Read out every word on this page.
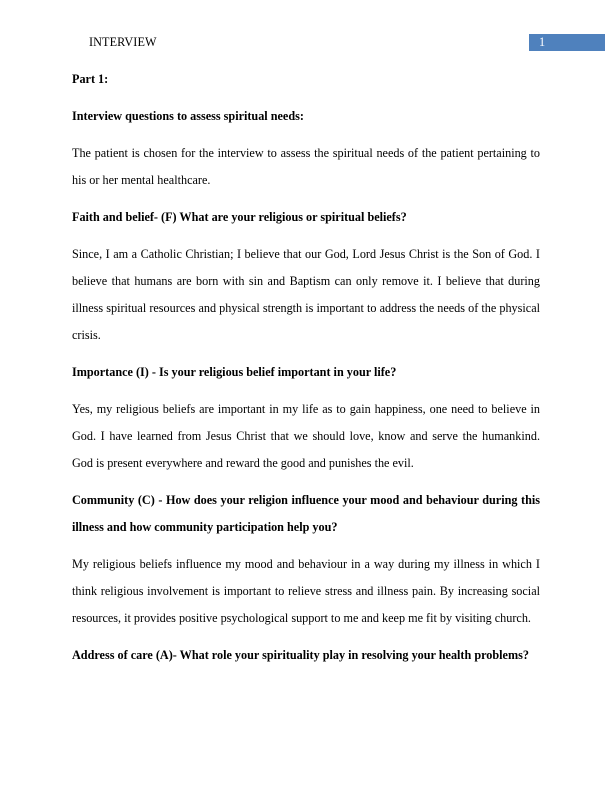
INTERVIEW	1

Part 1:

Interview questions to assess spiritual needs:

The patient is chosen for the interview to assess the spiritual needs of the patient pertaining to his or her mental healthcare.

Faith and belief- (F) What are your religious or spiritual beliefs?

Since, I am a Catholic Christian; I believe that our God, Lord Jesus Christ is the Son of God. I believe that humans are born with sin and Baptism can only remove it. I believe that during illness spiritual resources and physical strength is important to address the needs of the physical crisis.

Importance (I) - Is your religious belief important in your life?

Yes, my religious beliefs are important in my life as to gain happiness, one need to believe in God. I have learned from Jesus Christ that we should love, know and serve the humankind. God is present everywhere and reward the good and punishes the evil.

Community (C) - How does your religion influence your mood and behaviour during this illness and how community participation help you?

My religious beliefs influence my mood and behaviour in a way during my illness in which I think religious involvement is important to relieve stress and illness pain. By increasing social resources, it provides positive psychological support to me and keep me fit by visiting church.

Address of care (A)- What role your spirituality play in resolving your health problems?
